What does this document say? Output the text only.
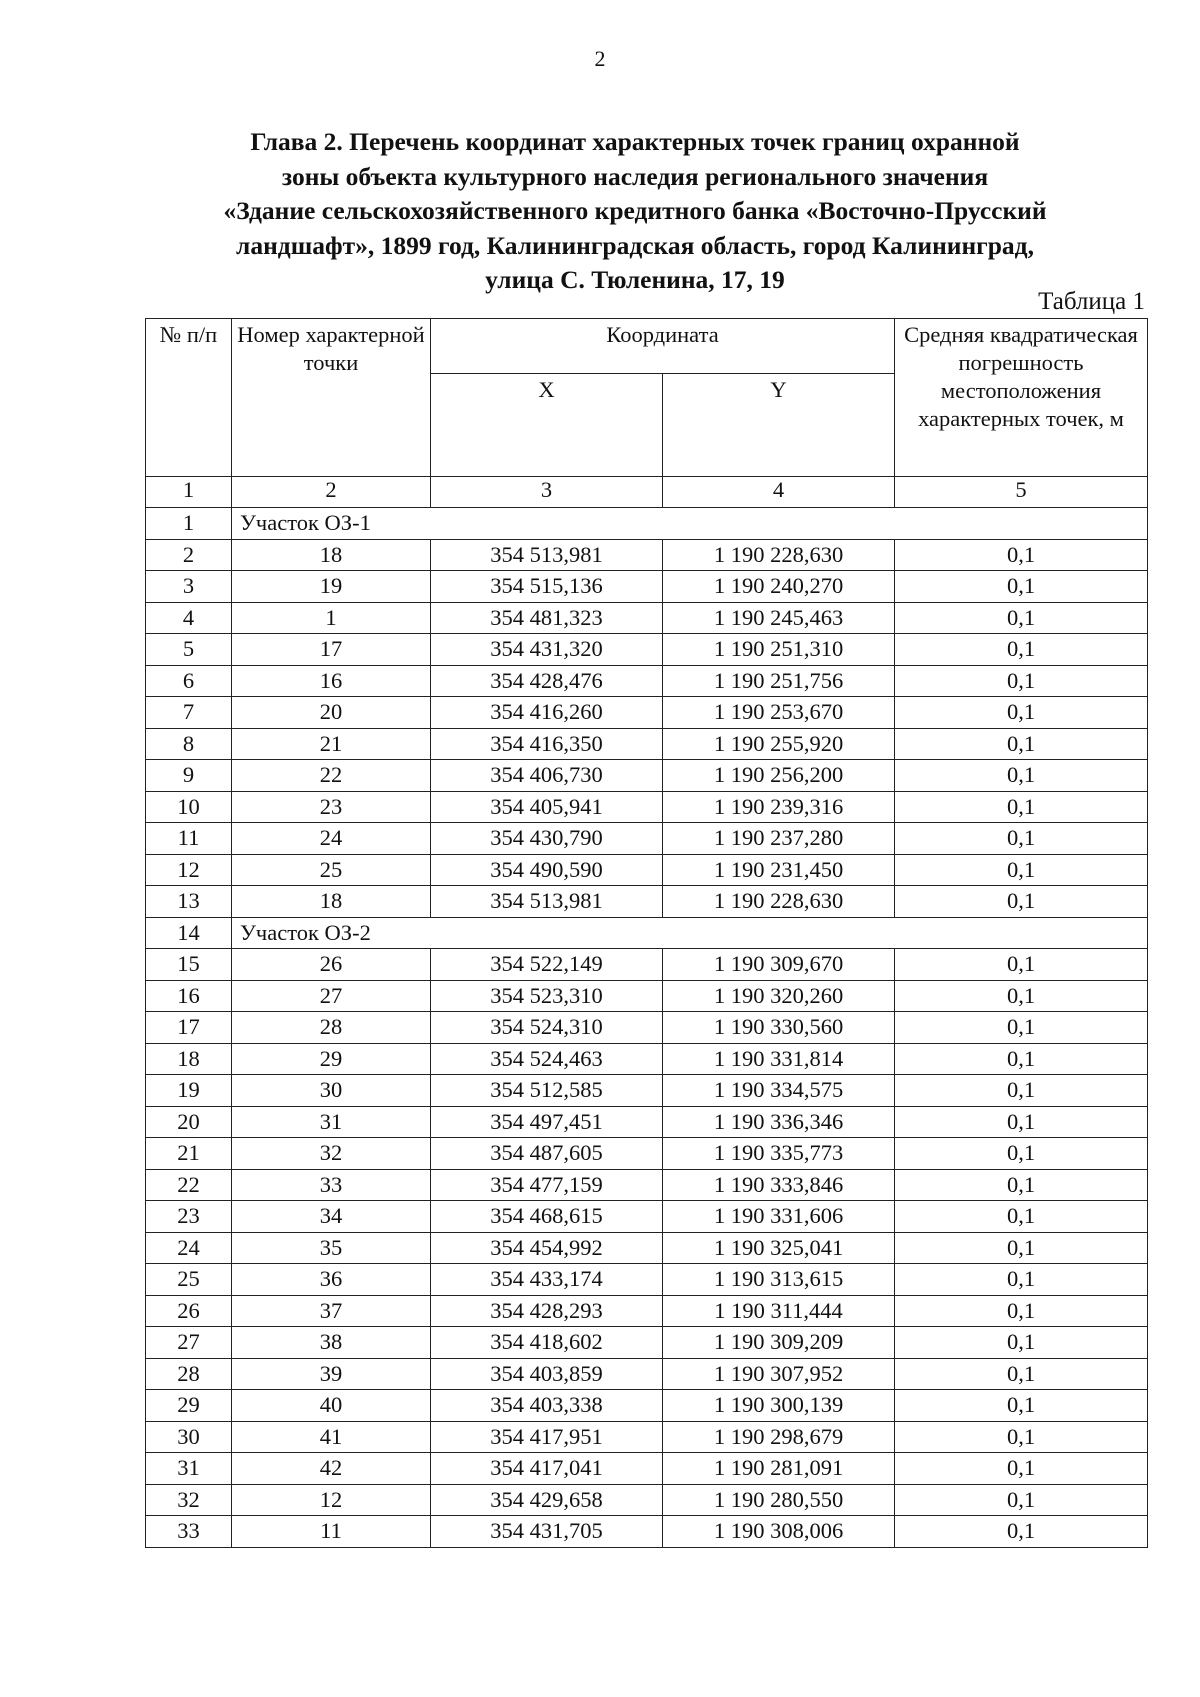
2
Глава 2. Перечень координат характерных точек границ охранной
зоны объекта культурного наследия регионального значения
«Здание сельскохозяйственного кредитного банка «Восточно-Прусский
ландшафт», 1899 год, Калининградская область, город Калининград,
улица С. Тюленина, 17, 19
Таблица 1
№ п/п	Номер характерной точки	Координата		Средняя квадратическая погрешность местоположения характерных точек, м
		X	Y	
1	2	3	4	5
1	Участок ОЗ-1			
2	18	354 513,981	1 190 228,630	0,1
3	19	354 515,136	1 190 240,270	0,1
4	1	354 481,323	1 190 245,463	0,1
5	17	354 431,320	1 190 251,310	0,1
6	16	354 428,476	1 190 251,756	0,1
7	20	354 416,260	1 190 253,670	0,1
8	21	354 416,350	1 190 255,920	0,1
9	22	354 406,730	1 190 256,200	0,1
10	23	354 405,941	1 190 239,316	0,1
11	24	354 430,790	1 190 237,280	0,1
12	25	354 490,590	1 190 231,450	0,1
13	18	354 513,981	1 190 228,630	0,1
14	Участок ОЗ-2			
15	26	354 522,149	1 190 309,670	0,1
16	27	354 523,310	1 190 320,260	0,1
17	28	354 524,310	1 190 330,560	0,1
18	29	354 524,463	1 190 331,814	0,1
19	30	354 512,585	1 190 334,575	0,1
20	31	354 497,451	1 190 336,346	0,1
21	32	354 487,605	1 190 335,773	0,1
22	33	354 477,159	1 190 333,846	0,1
23	34	354 468,615	1 190 331,606	0,1
24	35	354 454,992	1 190 325,041	0,1
25	36	354 433,174	1 190 313,615	0,1
26	37	354 428,293	1 190 311,444	0,1
27	38	354 418,602	1 190 309,209	0,1
28	39	354 403,859	1 190 307,952	0,1
29	40	354 403,338	1 190 300,139	0,1
30	41	354 417,951	1 190 298,679	0,1
31	42	354 417,041	1 190 281,091	0,1
32	12	354 429,658	1 190 280,550	0,1
33	11	354 431,705	1 190 308,006	0,1
